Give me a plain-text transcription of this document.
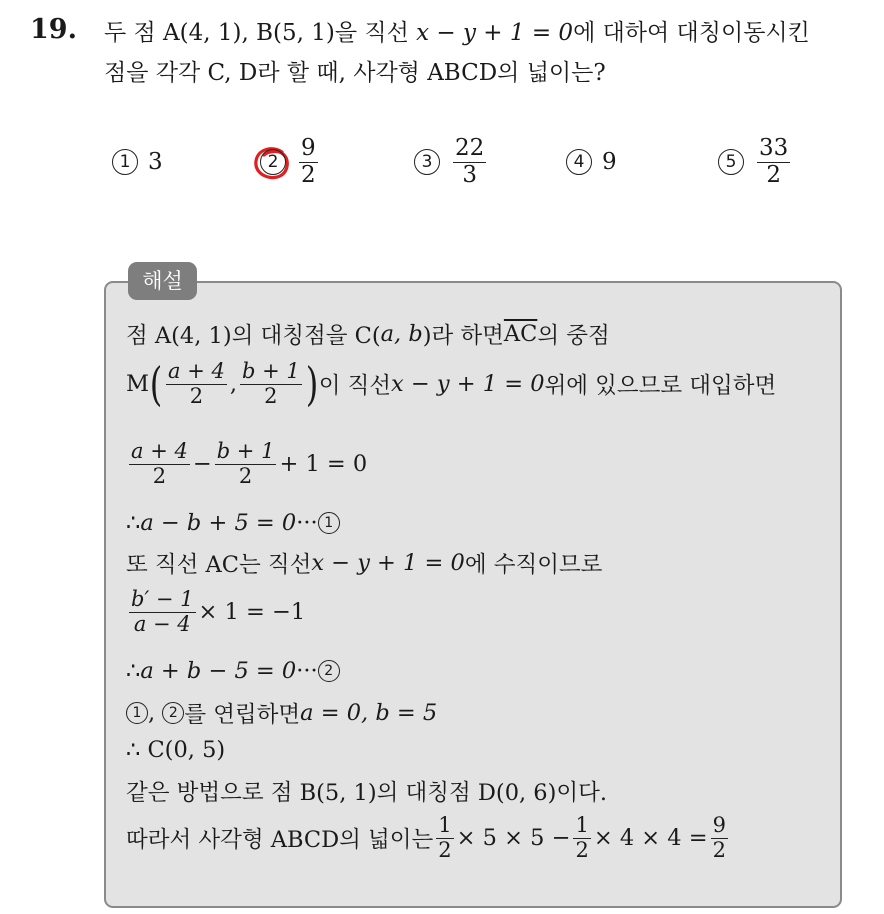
19. 두 점 A(4, 1), B(5, 1)을 직선 x − y + 1 = 0에 대하여 대칭이동시킨
점을 각각 C, D라 할 때, 사각형 ABCD의 넓이는?
1 3	$2 \frac{9}{2}$	$3 \frac{22}{3}$	4 9	$5 \frac{33}{2}$
해설
점 A(4, 1)의 대칭점을 C( a, b )라 하면 $\overline{AC}$ 의 중점
M ( $\frac{a + 4}{2}$ , $\frac{b + 1}{2}$ ) 이 직선 x − y + 1 = 0 위에 있으므로 대입하면
$\frac{a + 4}{2} - \frac{b + 1}{2} + 1 = 0$
∴ a − b + 5 = 0 ··· 1
또 직선 AC는 직선 x − y + 1 = 0 에 수직이므로
$\frac{b' - 1}{a - 4} \times 1 = -1$
∴ a + b − 5 = 0 ··· 2
1 , 2 를 연립하면 a = 0, b = 5
∴ C(0, 5)
같은 방법으로 점 B(5, 1)의 대칭점 D(0, 6)이다.
따라서 사각형 ABCD의 넓이는 $\frac{1}{2} \times 5 \times 5 - \frac{1}{2} \times 4 \times 4 = \frac{9}{2}$
